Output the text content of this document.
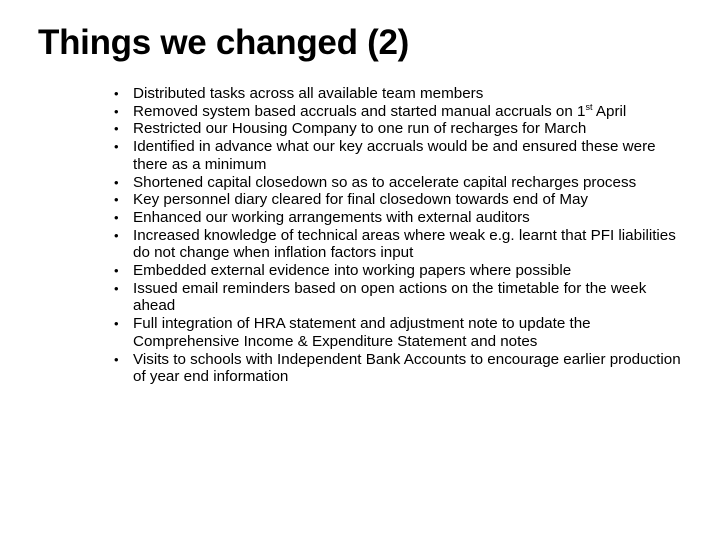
Things we changed (2)
• Distributed tasks across all available team members
• Removed system based accruals and started manual accruals on 1st April
• Restricted our Housing Company to one run of recharges for March
• Identified in advance what our key accruals would be and ensured these were there as a minimum
• Shortened capital closedown so as to accelerate capital recharges process
• Key personnel diary cleared for final closedown towards end of May
• Enhanced our working arrangements with external auditors
• Increased knowledge of technical areas where weak e.g. learnt that PFI liabilities do not change when inflation factors input
• Embedded external evidence into working papers where possible
• Issued email reminders based on open actions on the timetable for the week ahead
• Full integration of HRA statement and adjustment note to update the Comprehensive Income & Expenditure Statement and notes
• Visits to schools with Independent Bank Accounts to encourage earlier production of year end information
